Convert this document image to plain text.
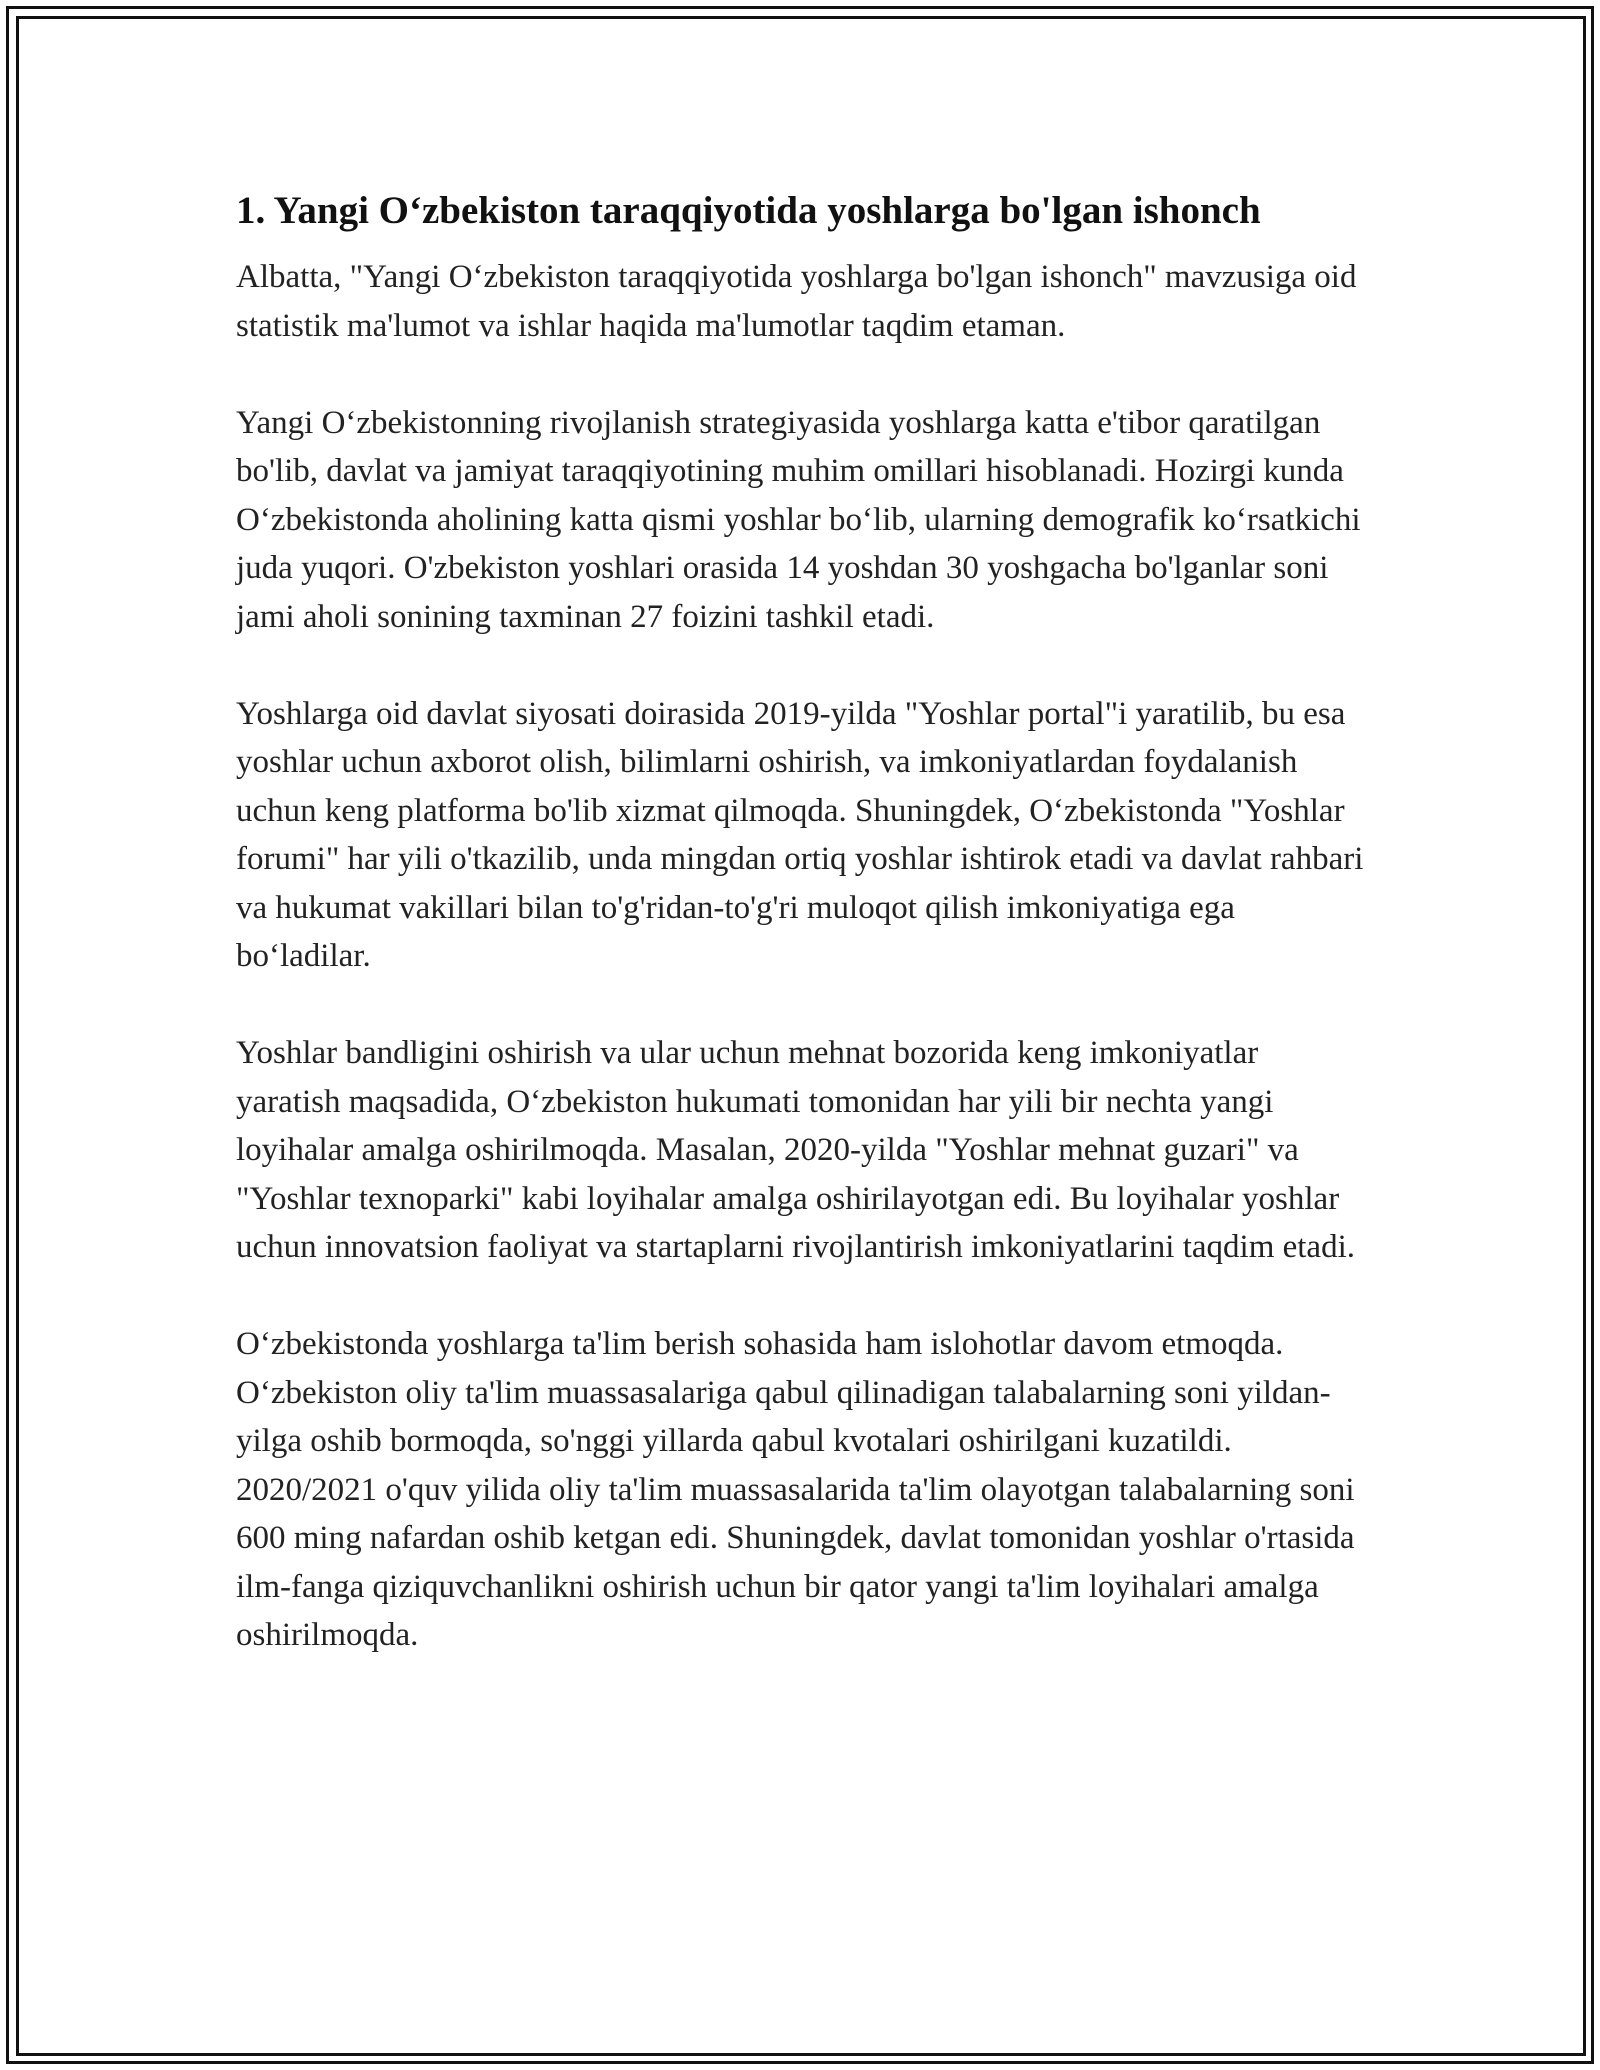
1. Yangi Oʻzbekiston taraqqiyotida yoshlarga bo'lgan ishonch

Albatta, "Yangi Oʻzbekiston taraqqiyotida yoshlarga bo'lgan ishonch" mavzusiga oid statistik ma'lumot va ishlar haqida ma'lumotlar taqdim etaman.

Yangi Oʻzbekistonning rivojlanish strategiyasida yoshlarga katta e'tibor qaratilgan bo'lib, davlat va jamiyat taraqqiyotining muhim omillari hisoblanadi. Hozirgi kunda Oʻzbekistonda aholining katta qismi yoshlar boʻlib, ularning demografik koʻrsatkichi juda yuqori. O'zbekiston yoshlari orasida 14 yoshdan 30 yoshgacha bo'lganlar soni jami aholi sonining taxminan 27 foizini tashkil etadi.

Yoshlarga oid davlat siyosati doirasida 2019-yilda "Yoshlar portal"i yaratilib, bu esa yoshlar uchun axborot olish, bilimlarni oshirish, va imkoniyatlardan foydalanish uchun keng platforma bo'lib xizmat qilmoqda. Shuningdek, Oʻzbekistonda "Yoshlar forumi" har yili o'tkazilib, unda mingdan ortiq yoshlar ishtirok etadi va davlat rahbari va hukumat vakillari bilan to'g'ridan-to'g'ri muloqot qilish imkoniyatiga ega boʻladilar.

Yoshlar bandligini oshirish va ular uchun mehnat bozorida keng imkoniyatlar yaratish maqsadida, Oʻzbekiston hukumati tomonidan har yili bir nechta yangi loyihalar amalga oshirilmoqda. Masalan, 2020-yilda "Yoshlar mehnat guzari" va "Yoshlar texnoparki" kabi loyihalar amalga oshirilayotgan edi. Bu loyihalar yoshlar uchun innovatsion faoliyat va startaplarni rivojlantirish imkoniyatlarini taqdim etadi.

Oʻzbekistonda yoshlarga ta'lim berish sohasida ham islohotlar davom etmoqda. Oʻzbekiston oliy ta'lim muassasalariga qabul qilinadigan talabalarning soni yildan-yilga oshib bormoqda, so'nggi yillarda qabul kvotalari oshirilgani kuzatildi. 2020/2021 o'quv yilida oliy ta'lim muassasalarida ta'lim olayotgan talabalarning soni 600 ming nafardan oshib ketgan edi. Shuningdek, davlat tomonidan yoshlar o'rtasida ilm-fanga qiziquvchanlikni oshirish uchun bir qator yangi ta'lim loyihalari amalga oshirilmoqda.
